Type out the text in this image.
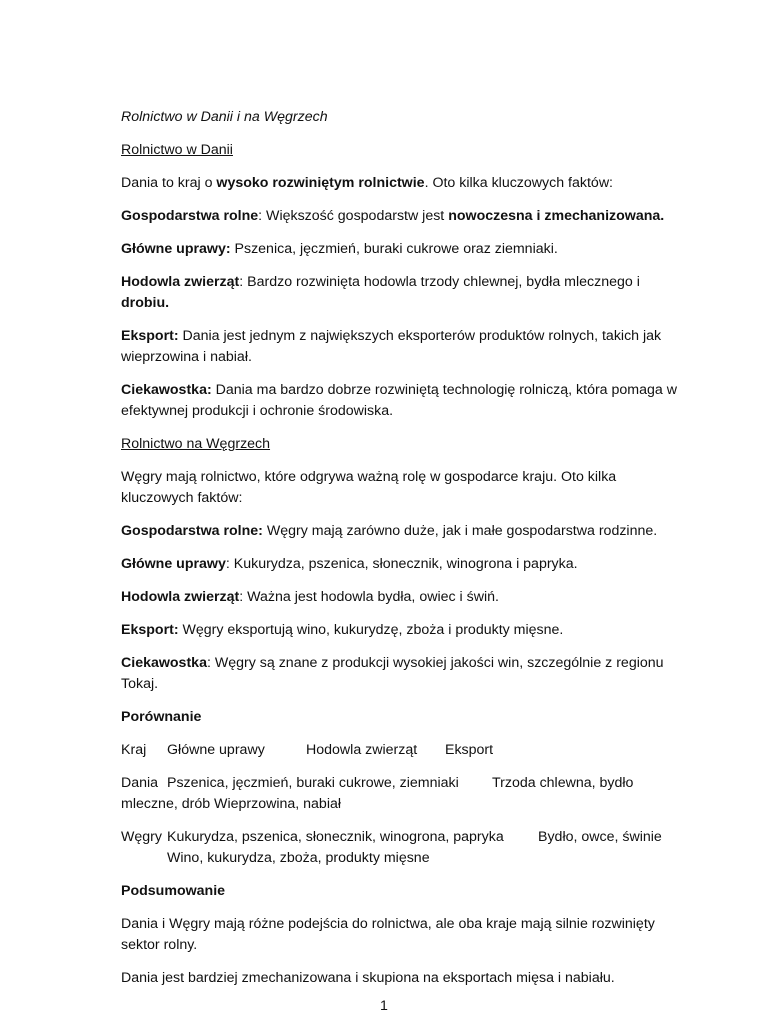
Rolnictwo w Danii i na Węgrzech

Rolnictwo w Danii

Dania to kraj o wysoko rozwiniętym rolnictwie. Oto kilka kluczowych faktów:

Gospodarstwa rolne: Większość gospodarstw jest nowoczesna i zmechanizowana.

Główne uprawy: Pszenica, jęczmień, buraki cukrowe oraz ziemniaki.

Hodowla zwierząt: Bardzo rozwinięta hodowla trzody chlewnej, bydła mlecznego i
drobiu.

Eksport: Dania jest jednym z największych eksporterów produktów rolnych, takich jak wieprzowina i nabiał.

Ciekawostka: Dania ma bardzo dobrze rozwiniętą technologię rolniczą, która pomaga w efektywnej produkcji i ochronie środowiska.

Rolnictwo na Węgrzech

Węgry mają rolnictwo, które odgrywa ważną rolę w gospodarce kraju. Oto kilka kluczowych faktów:

Gospodarstwa rolne: Węgry mają zarówno duże, jak i małe gospodarstwa rodzinne.

Główne uprawy: Kukurydza, pszenica, słonecznik, winogrona i papryka.

Hodowla zwierząt: Ważna jest hodowla bydła, owiec i świń.

Eksport: Węgry eksportują wino, kukurydzę, zboża i produkty mięsne.

Ciekawostka: Węgry są znane z produkcji wysokiej jakości win, szczególnie z regionu Tokaj.

Porównanie

Kraj Główne uprawy	Hodowla zwierząt Eksport
Dania Pszenica, jęczmień, buraki cukrowe, ziemniaki Trzoda chlewna, bydło
mleczne, drób Wieprzowina, nabiał
Węgry Kukurydza, pszenica, słonecznik, winogrona, papryka Bydło, owce, świnie
Wino, kukurydza, zboża, produkty mięsne

Podsumowanie

Dania i Węgry mają różne podejścia do rolnictwa, ale oba kraje mają silnie rozwinięty sektor rolny.

Dania jest bardziej zmechanizowana i skupiona na eksportach mięsa i nabiału.

1
